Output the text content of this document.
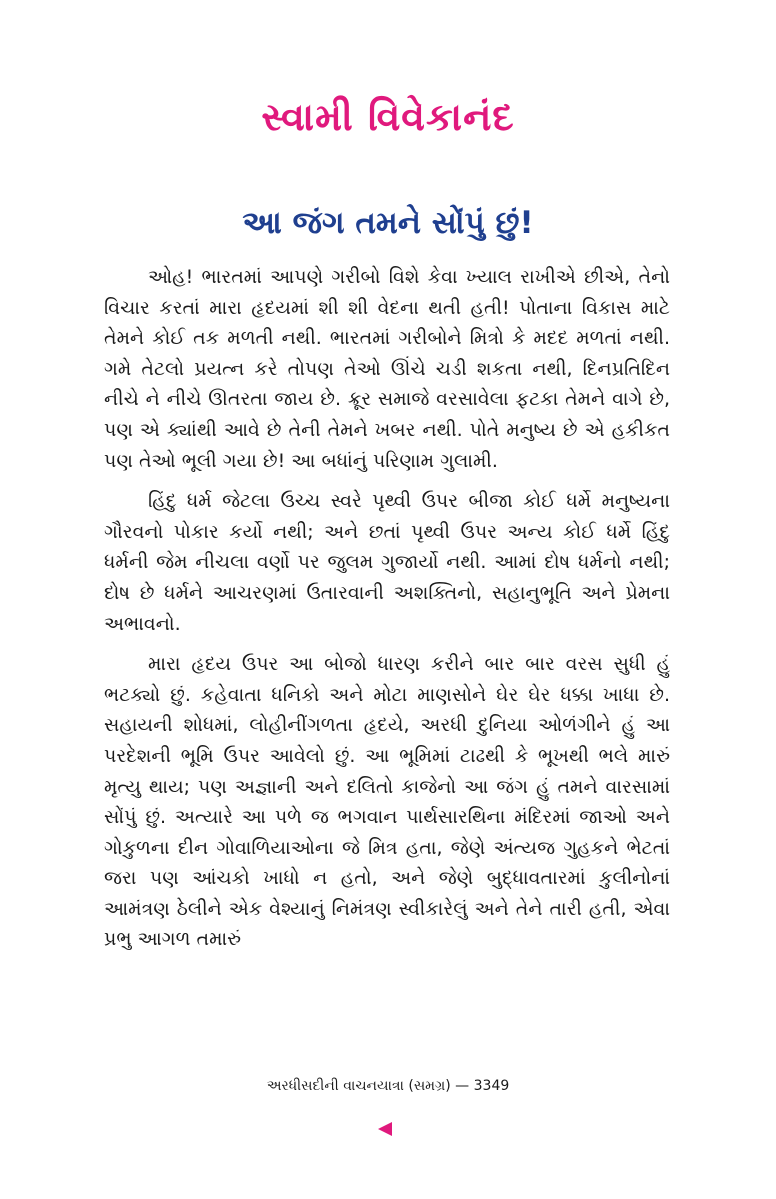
સ્વામી વિવેકાનંદ
આ જંગ તમને સોંપું છું!

ઓહ! ભારતમાં આપણે ગરીબો વિશે કેવા ખ્યાલ રાખીએ છીએ, તેનો વિચાર કરતાં મારા હૃદયમાં શી શી વેદના થતી હતી! પોતાના વિકાસ માટે તેમને કોઈ તક મળતી નથી. ભારતમાં ગરીબોને મિત્રો કે મદદ મળતાં નથી. ગમે તેટલો પ્રયત્ન કરે તોપણ તેઓ ઊંચે ચડી શકતા નથી, દિનપ્રતિદિન નીચે ને નીચે ઊતરતા જાય છે. ક્રૂર સમાજે વરસાવેલા ફટકા તેમને વાગે છે, પણ એ ક્યાંથી આવે છે તેની તેમને ખબર નથી. પોતે મનુષ્ય છે એ હકીકત પણ તેઓ ભૂલી ગયા છે! આ બધાંનું પરિણામ ગુલામી.

હિંદુ ધર્મ જેટલા ઉચ્ચ સ્વરે પૃથ્વી ઉપર બીજા કોઈ ધર્મે મનુષ્યના ગૌરવનો પોકાર કર્યો નથી; અને છતાં પૃથ્વી ઉપર અન્ય કોઈ ધર્મે હિંદુ ધર્મની જેમ નીચલા વર્ણો પર જુલમ ગુજાર્યો નથી. આમાં દોષ ધર્મનો નથી; દોષ છે ધર્મને આચરણમાં ઉતારવાની અશક્તિનો, સહાનુભૂતિ અને પ્રેમના અભાવનો.

મારા હૃદય ઉપર આ બોજો ધારણ કરીને બાર બાર વરસ સુધી હું ભટક્યો છું. કહેવાતા ધનિકો અને મોટા માણસોને ઘેર ઘેર ધક્કા ખાધા છે. સહાયની શોધમાં, લોહીનીંગળતા હૃદયે, અરધી દુનિયા ઓળંગીને હું આ પરદેશની ભૂમિ ઉપર આવેલો છું. આ ભૂમિમાં ટાઢથી કે ભૂખથી ભલે મારું મૃત્યુ થાય; પણ અજ્ઞાની અને દલિતો કાજેનો આ જંગ હું તમને વારસામાં સોંપું છું. અત્યારે આ પળે જ ભગવાન પાર્થસારથિના મંદિરમાં જાઓ અને ગોકુળના દીન ગોવાળિયાઓના જે મિત્ર હતા, જેણે અંત્યજ ગુહકને ભેટતાં જરા પણ આંચકો ખાધો ન હતો, અને જેણે બુદ્ધાવતારમાં કુલીનોનાં આમંત્રણ ઠેલીને એક વેશ્યાનું નિમંત્રણ સ્વીકારેલું અને તેને તારી હતી, એવા પ્રભુ આગળ તમારું

અરધીસદીની વાચનયાત્રા (સમગ્ર) — 3349
